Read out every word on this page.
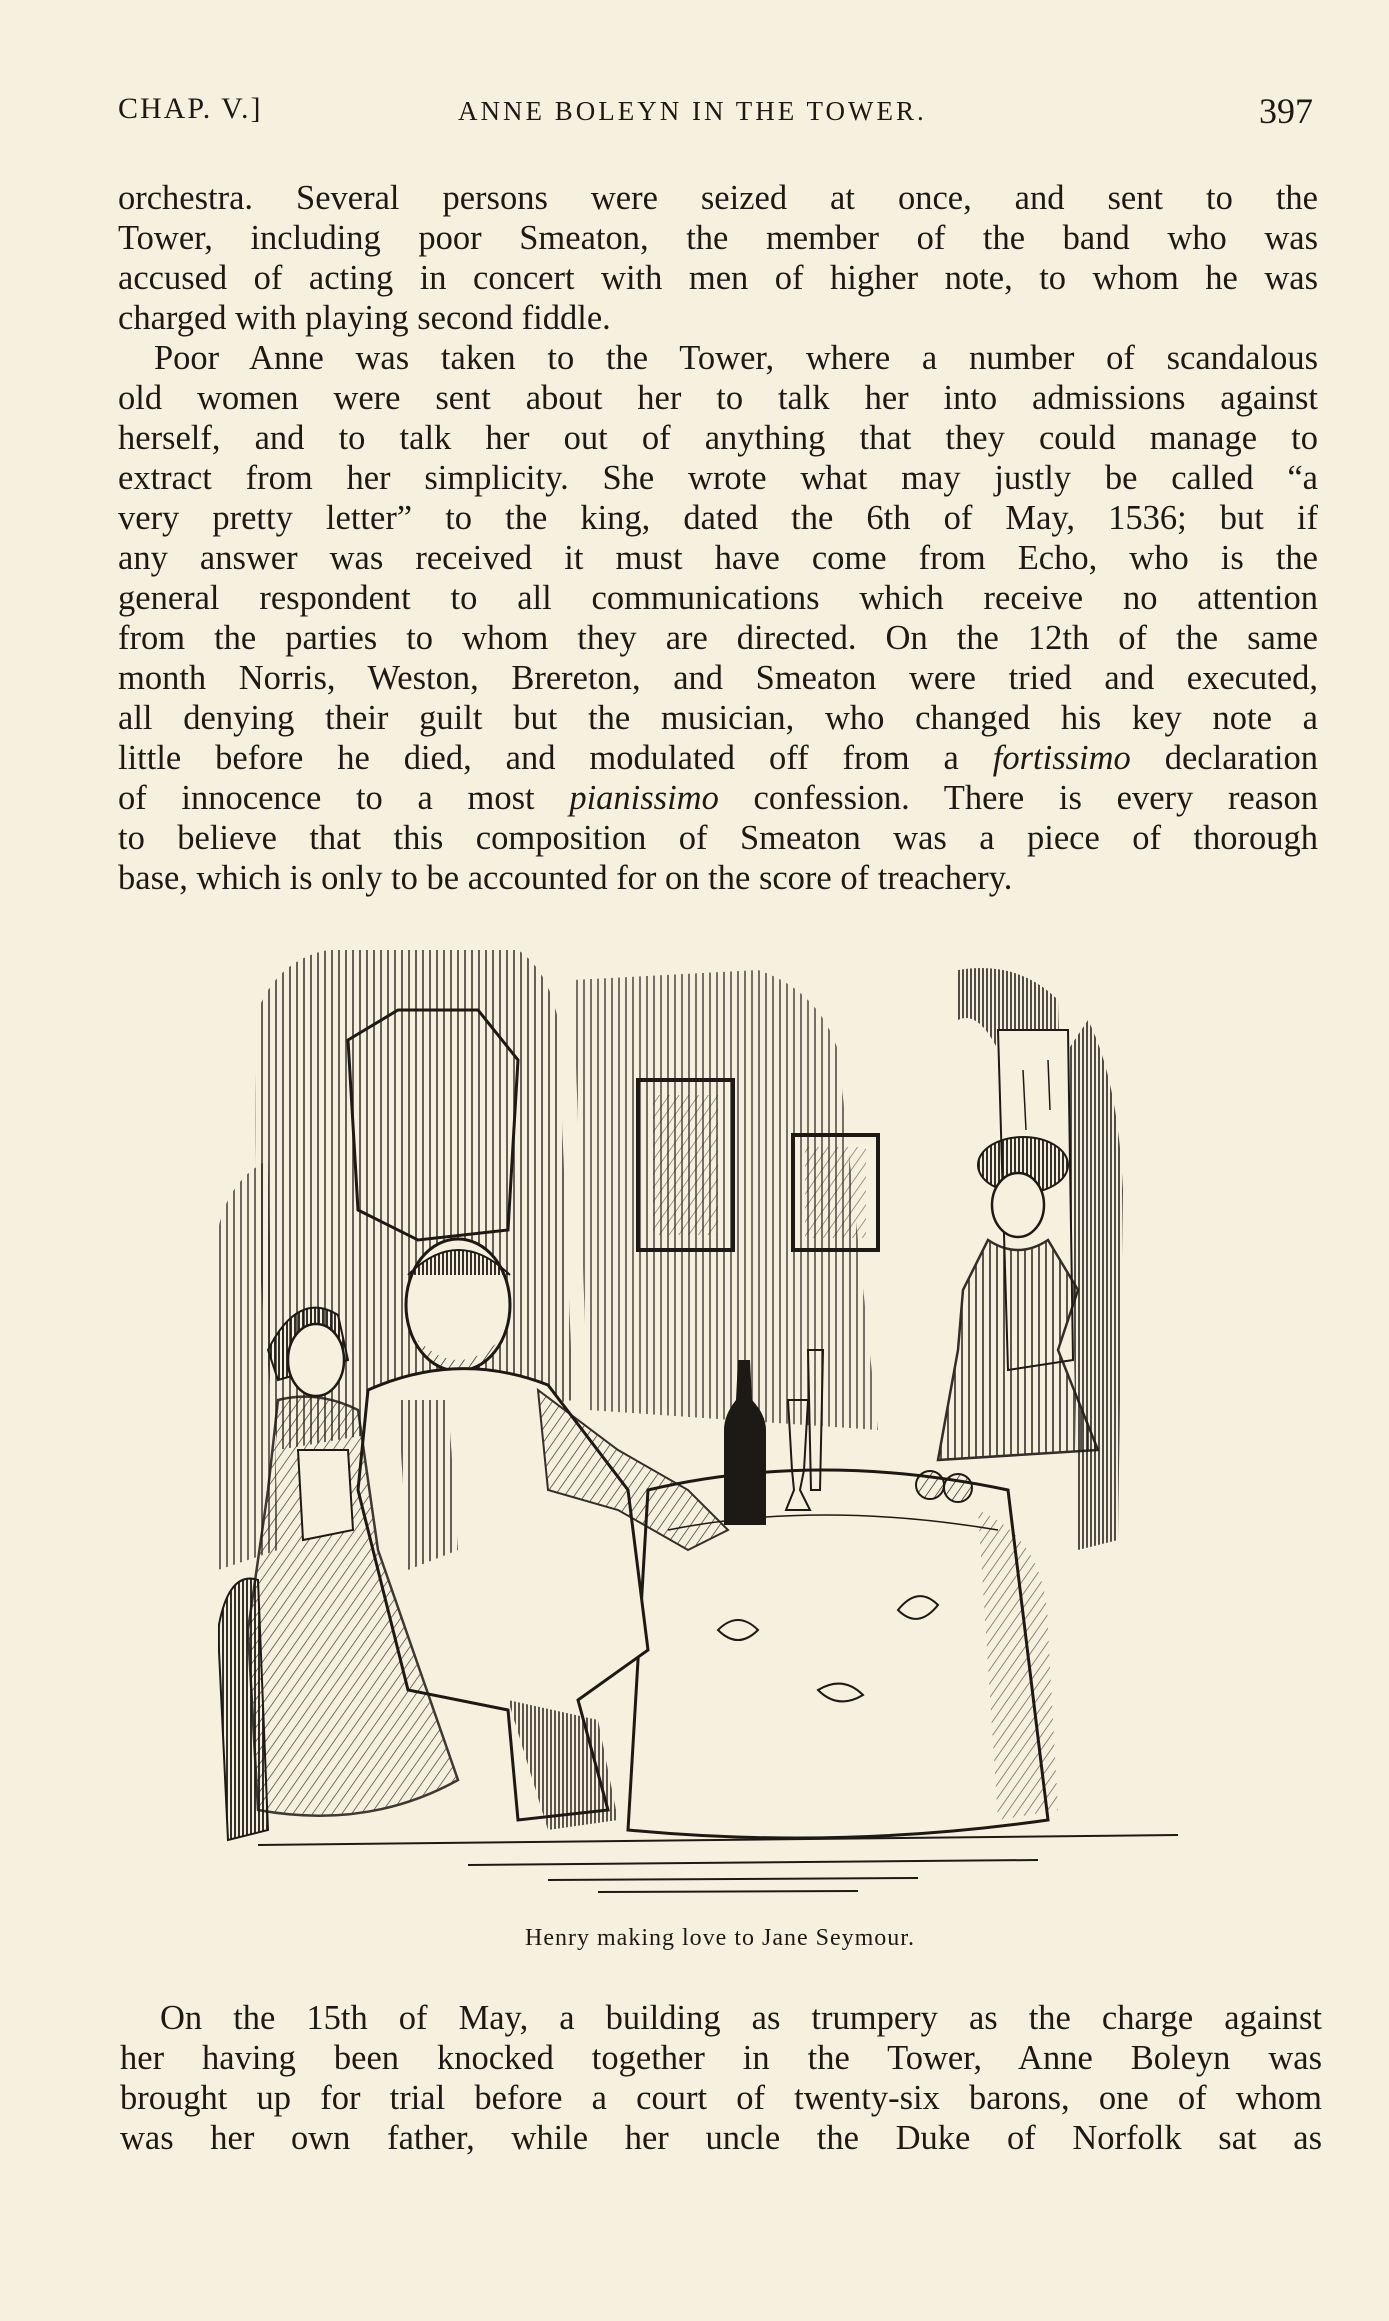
CHAP. V.]	ANNE BOLEYN IN THE TOWER.	397
orchestra. Several persons were seized at once, and sent to the
Tower, including poor Smeaton, the member of the band who was
accused of acting in concert with men of higher note, to whom he was
charged with playing second fiddle.
Poor Anne was taken to the Tower, where a number of scandalous
old women were sent about her to talk her into admissions against
herself, and to talk her out of anything that they could manage to
extract from her simplicity. She wrote what may justly be called “a
very pretty letter” to the king, dated the 6th of May, 1536; but if
any answer was received it must have come from Echo, who is the
general respondent to all communications which receive no attention
from the parties to whom they are directed. On the 12th of the same
month Norris, Weston, Brereton, and Smeaton were tried and executed,
all denying their guilt but the musician, who changed his key note a
little before he died, and modulated off from a fortissimo declaration
of innocence to a most pianissimo confession. There is every reason
to believe that this composition of Smeaton was a piece of thorough
base, which is only to be accounted for on the score of treachery.
Henry making love to Jane Seymour.
On the 15th of May, a building as trumpery as the charge against
her having been knocked together in the Tower, Anne Boleyn was
brought up for trial before a court of twenty-six barons, one of whom
was her own father, while her uncle the Duke of Norfolk sat as
